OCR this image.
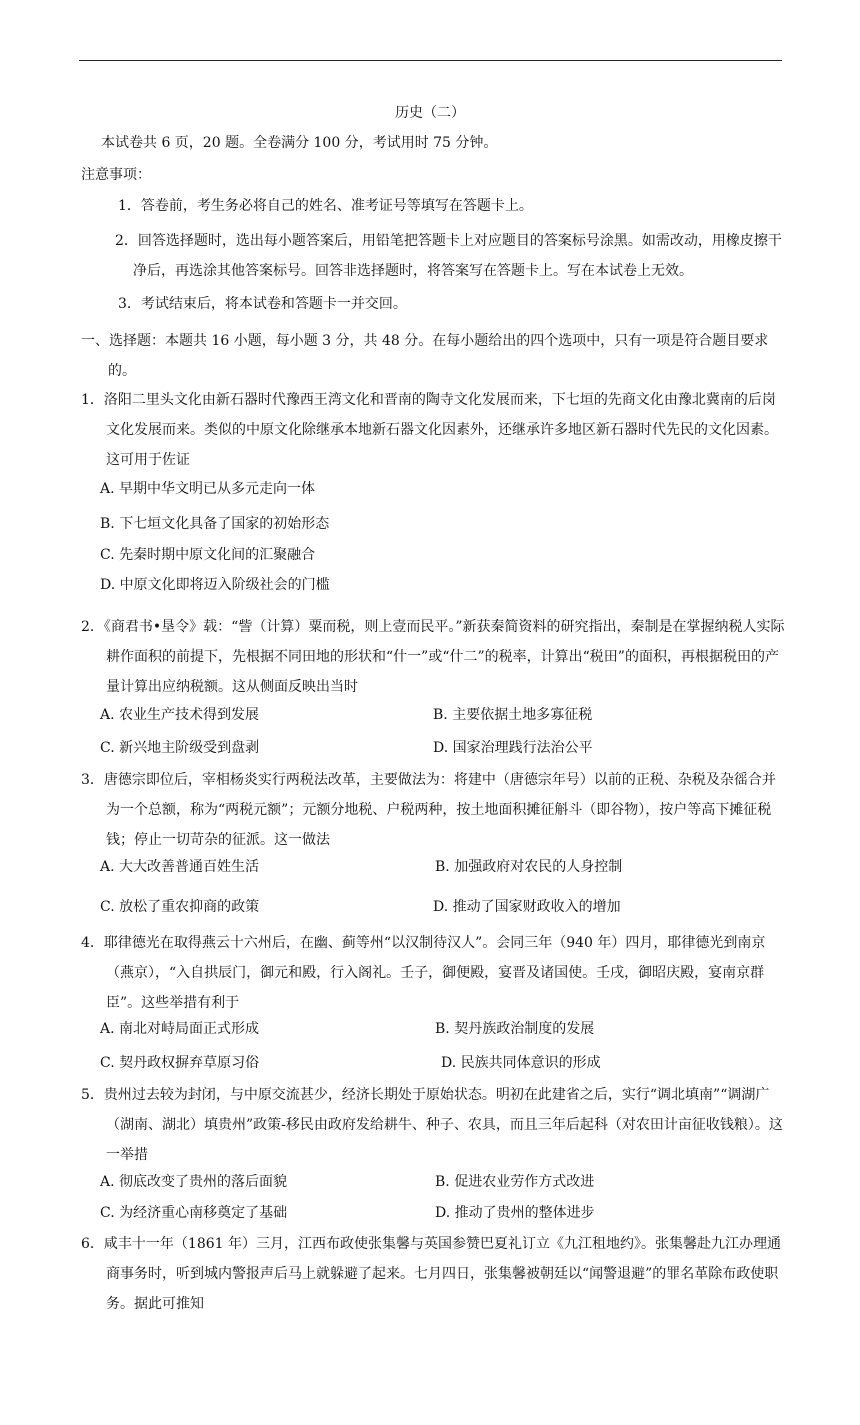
历史（二）
本试卷共 6 页，20 题。全卷满分 100 分，考试用时 75 分钟。
注意事项：
1．答卷前，考生务必将自己的姓名、准考证号等填写在答题卡上。
2．回答选择题时，选出每小题答案后，用铅笔把答题卡上对应题目的答案标号涂黑。如需改动，用橡皮擦干净后，再选涂其他答案标号。回答非选择题时，将答案写在答题卡上。写在本试卷上无效。
3．考试结束后，将本试卷和答题卡一并交回。
一、选择题：本题共 16 小题，每小题 3 分，共 48 分。在每小题给出的四个选项中，只有一项是符合题目要求的。
1．洛阳二里头文化由新石器时代豫西王湾文化和晋南的陶寺文化发展而来，下七垣的先商文化由豫北冀南的后岗文化发展而来。类似的中原文化除继承本地新石器文化因素外，还继承许多地区新石器时代先民的文化因素。这可用于佐证
A. 早期中华文明已从多元走向一体
B. 下七垣文化具备了国家的初始形态
C. 先秦时期中原文化间的汇聚融合
D. 中原文化即将迈入阶级社会的门槛
2．《商君书•垦令》载：“訾（计算）粟而税，则上壹而民平。”新获秦简资料的研究指出，秦制是在掌握纳税人实际耕作面积的前提下，先根据不同田地的形状和“什一”或“什二”的税率，计算出“税田”的面积，再根据税田的产量计算出应纳税额。这从侧面反映出当时
A. 农业生产技术得到发展	B. 主要依据土地多寡征税
C. 新兴地主阶级受到盘剥	D. 国家治理践行法治公平
3．唐德宗即位后，宰相杨炎实行两税法改革，主要做法为：将建中（唐德宗年号）以前的正税、杂税及杂徭合并为一个总额，称为“两税元额”；元额分地税、户税两种，按土地面积摊征斛斗（即谷物），按户等高下摊征税钱；停止一切苛杂的征派。这一做法
A. 大大改善普通百姓生活	B. 加强政府对农民的人身控制
C. 放松了重农抑商的政策	D. 推动了国家财政收入的增加
4．耶律德光在取得燕云十六州后，在幽、蓟等州“以汉制待汉人”。会同三年（940 年）四月，耶律德光到南京（燕京），“入自拱辰门，御元和殿，行入阁礼。壬子，御便殿，宴晋及诸国使。壬戌，御昭庆殿，宴南京群臣”。这些举措有利于
A. 南北对峙局面正式形成	B. 契丹族政治制度的发展
C. 契丹政权摒弃草原习俗	D. 民族共同体意识的形成
5．贵州过去较为封闭，与中原交流甚少，经济长期处于原始状态。明初在此建省之后，实行“调北填南”“调湖广（湖南、湖北）填贵州”政策-移民由政府发给耕牛、种子、农具，而且三年后起科（对农田计亩征收钱粮）。这一举措
A. 彻底改变了贵州的落后面貌	B. 促进农业劳作方式改进
C. 为经济重心南移奠定了基础	D. 推动了贵州的整体进步
6．咸丰十一年（1861 年）三月，江西布政使张集馨与英国参赞巴夏礼订立《九江租地约》。张集馨赴九江办理通商事务时，听到城内警报声后马上就躲避了起来。七月四日，张集馨被朝廷以“闻警退避”的罪名革除布政使职务。据此可推知
